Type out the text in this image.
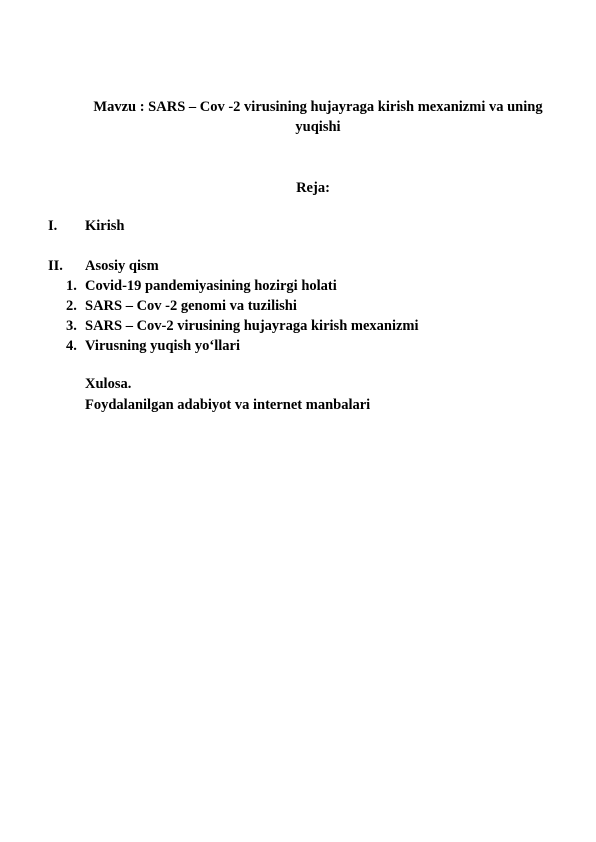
Mavzu : SARS – Cov -2 virusining hujayraga kirish mexanizmi va uning yuqishi
Reja:
I. Kirish
II. Asosiy qism
1. Covid-19 pandemiyasining hozirgi holati
2. SARS – Cov -2 genomi va tuzilishi
3. SARS – Cov-2 virusining hujayraga kirish mexanizmi
4. Virusning yuqish yo‘llari
Xulosa.
Foydalanilgan adabiyot va internet manbalari
